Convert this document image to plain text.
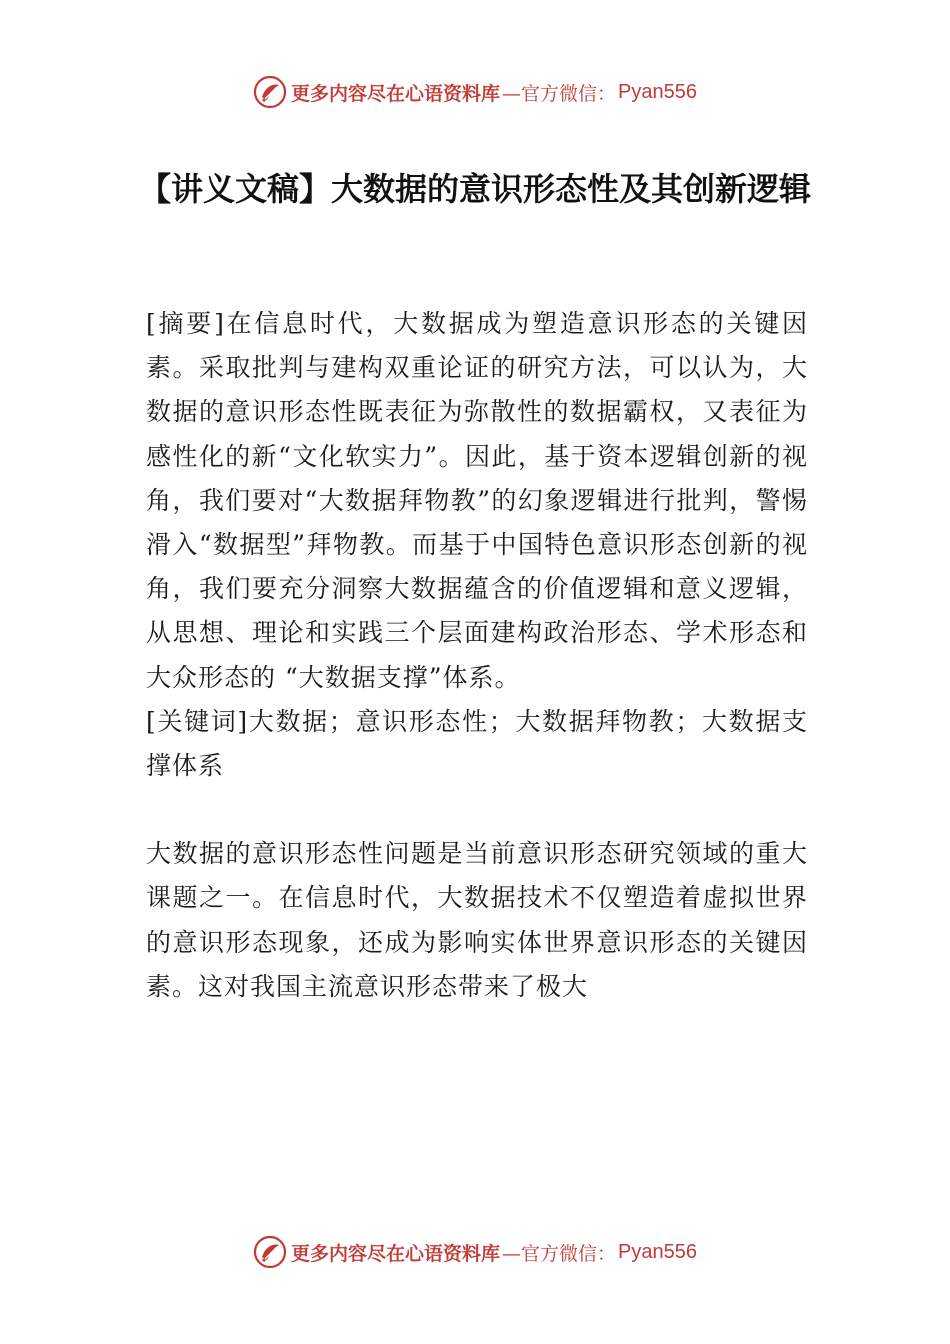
更多内容尽在心语资料库 —官方微信： Pyan556
【讲义文稿】大数据的意识形态性及其创新逻辑

[摘要]在信息时代，大数据成为塑造意识形态的关键因素。采取批判与建构双重论证的研究方法，可以认为，大数据的意识形态性既表征为弥散性的数据霸权，又表征为感性化的新“文化软实力”。因此，基于资本逻辑创新的视角，我们要对“大数据拜物教”的幻象逻辑进行批判，警惕滑入“数据型”拜物教。而基于中国特色意识形态创新的视角，我们要充分洞察大数据蕴含的价值逻辑和意义逻辑，从思想、理论和实践三个层面建构政治形态、学术形态和大众形态的 “大数据支撑”体系。

[关键词]大数据；意识形态性；大数据拜物教；大数据支撑体系

大数据的意识形态性问题是当前意识形态研究领域的重大课题之一。在信息时代，大数据技术不仅塑造着虚拟世界的意识形态现象，还成为影响实体世界意识形态的关键因素。这对我国主流意识形态带来了极大

更多内容尽在心语资料库 —官方微信： Pyan556
